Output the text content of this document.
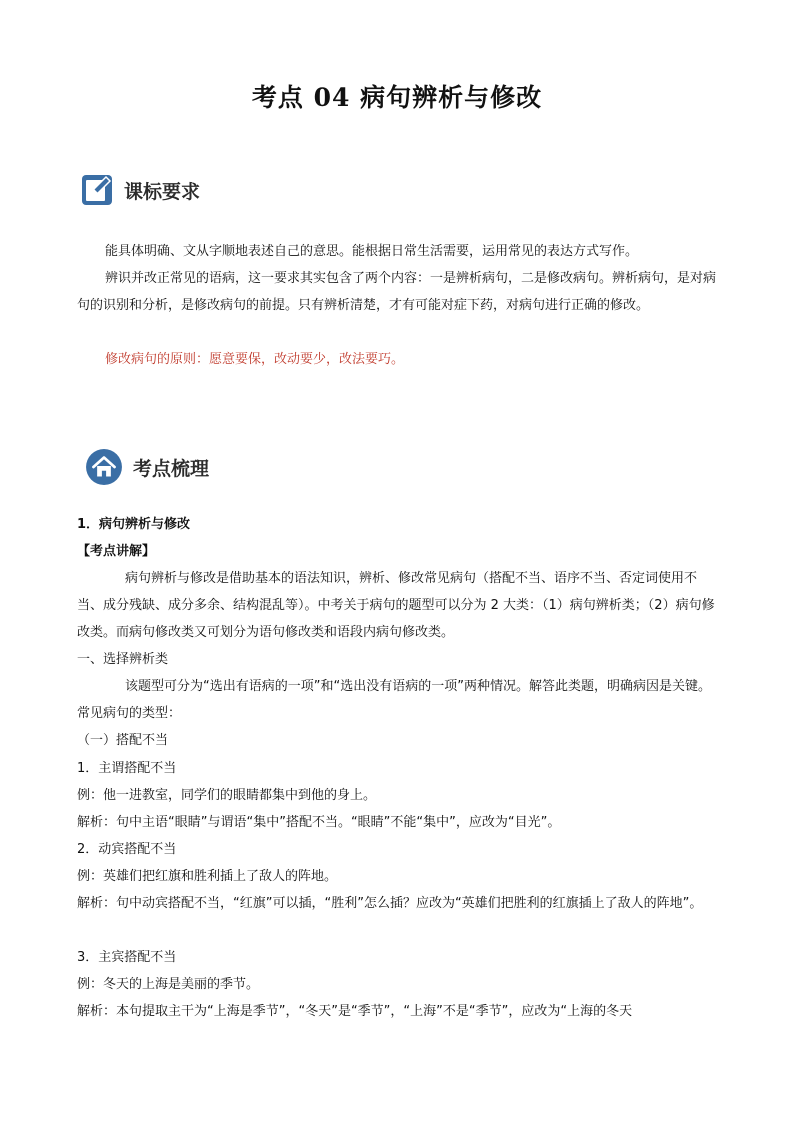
考点 04 病句辨析与修改
课标要求

能具体明确、文从字顺地表述自己的意思。能根据日常生活需要，运用常见的表达方式写作。

辨识并改正常见的语病，这一要求其实包含了两个内容：一是辨析病句，二是修改病句。辨析病句，是对病句的识别和分析，是修改病句的前提。只有辨析清楚，才有可能对症下药，对病句进行正确的修改。

修改病句的原则：愿意要保，改动要少，改法要巧。

考点梳理
1．病句辨析与修改
【考点讲解】

病句辨析与修改是借助基本的语法知识，辨析、修改常见病句（搭配不当、语序不当、否定词使用不当、成分残缺、成分多余、结构混乱等）。中考关于病句的题型可以分为 2 大类：（1）病句辨析类；（2）病句修改类。而病句修改类又可划分为语句修改类和语段内病句修改类。

一、选择辨析类

该题型可分为“选出有语病的一项”和“选出没有语病的一项”两种情况。解答此类题，明确病因是关键。常见病句的类型：

（一）搭配不当
1．主谓搭配不当
例：他一进教室，同学们的眼睛都集中到他的身上。
解析：句中主语“眼睛”与谓语“集中”搭配不当。“眼睛”不能“集中”，应改为“目光”。
2．动宾搭配不当
例：英雄们把红旗和胜利插上了敌人的阵地。

解析：句中动宾搭配不当，“红旗”可以插，“胜利”怎么插？应改为“英雄们把胜利的红旗插上了敌人的阵地”。

3．主宾搭配不当
例：冬天的上海是美丽的季节。
解析：本句提取主干为“上海是季节”，“冬天”是“季节”，“上海”不是“季节”，应改为“上海的冬天
